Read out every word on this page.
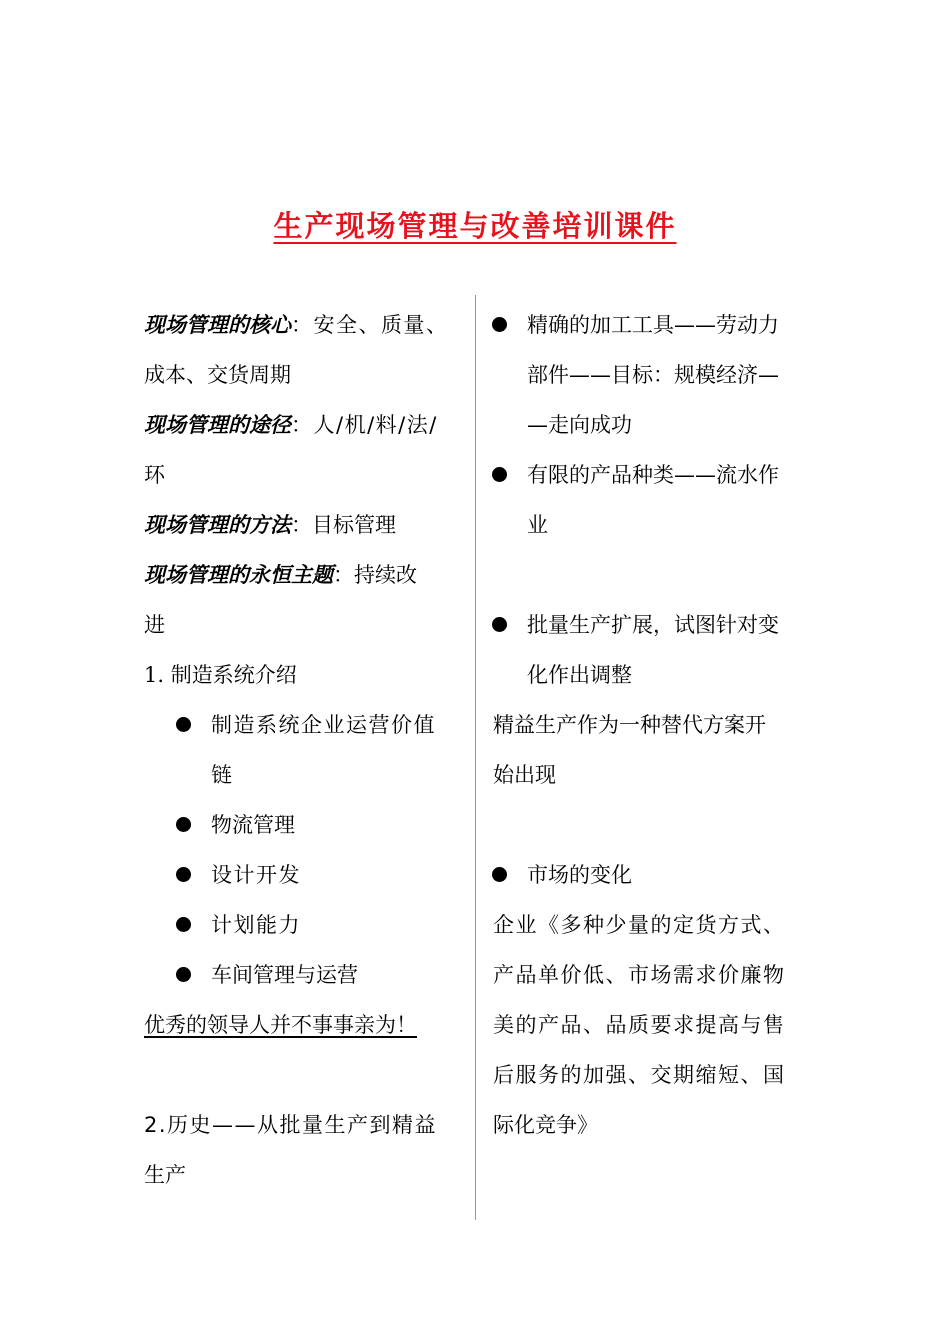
生产现场管理与改善培训课件
现场管理的核心：安全、质量、
成本、交货周期
现场管理的途径：人/机/料/法/
环
现场管理的方法：目标管理
现场管理的永恒主题：持续改
进
1. 制造系统介绍
制造系统企业运营价值
链
物流管理
设计开发
计划能力
车间管理与运营
优秀的领导人并不事事亲为！
2.历史——从批量生产到精益
生产
精确的加工工具——劳动力
部件——目标：规模经济—
—走向成功
有限的产品种类——流水作
业
批量生产扩展，试图针对变
化作出调整
精益生产作为一种替代方案开
始出现
市场的变化
企业《多种少量的定货方式、
产品单价低、市场需求价廉物
美的产品、品质要求提高与售
后服务的加强、交期缩短、国
际化竞争》
